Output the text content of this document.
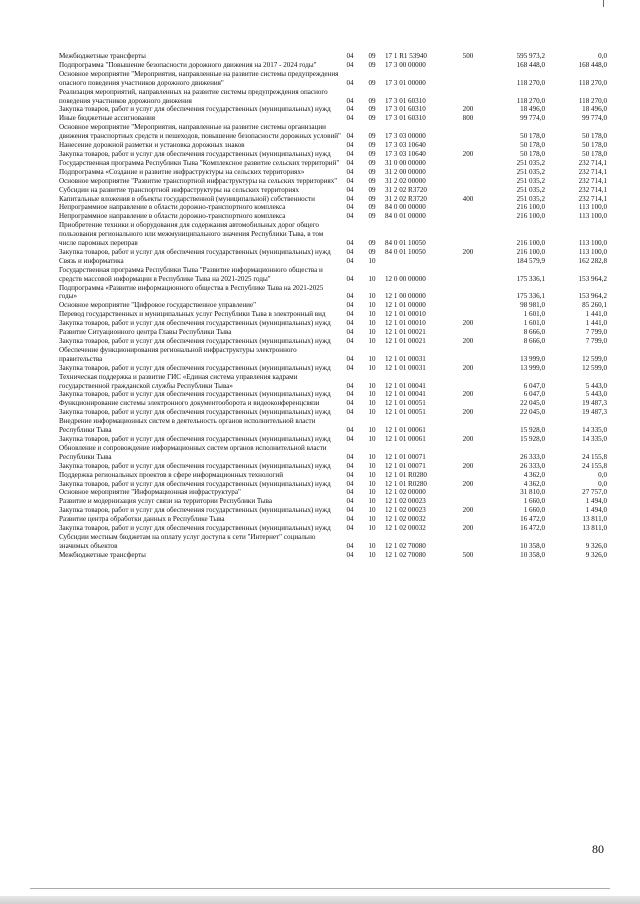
Межбюджетные трансферты	04	09	17 1 R1 53940	500	595 973,2	0,0
Подпрограмма "Повышение безопасности дорожного движения на 2017 - 2024 годы"	04	09	17 3 00 00000		168 448,0	168 448,0
Основное мероприятие "Мероприятия, направленные на развитие системы предупреждения опасного поведения участников дорожного движения"	04	09	17 3 01 00000		118 270,0	118 270,0
Реализация мероприятий, направленных на развитие системы предупреждения опасного поведения участников дорожного движения	04	09	17 3 01 60310		118 270,0	118 270,0
Закупка товаров, работ и услуг для обеспечения государственных (муниципальных) нужд	04	09	17 3 01 60310	200	18 496,0	18 496,0
Иные бюджетные ассигнования	04	09	17 3 01 60310	800	99 774,0	99 774,0
Основное мероприятие "Мероприятия, направленные на развитие системы организации движения транспортных средств и пешеходов, повышение безопасности дорожных условий"	04	09	17 3 03 00000		50 178,0	50 178,0
Нанесение дорожной разметки и установка дорожных знаков	04	09	17 3 03 10640		50 178,0	50 178,0
Закупка товаров, работ и услуг для обеспечения государственных (муниципальных) нужд	04	09	17 3 03 10640	200	50 178,0	50 178,0
Государственная программа Республики Тыва "Комплексное развитие сельских территорий"	04	09	31 0 00 00000		251 035,2	232 714,1
Подпрограмма «Создание и развитие инфраструктуры на сельских территориях»	04	09	31 2 00 00000		251 035,2	232 714,1
Основное мероприятие "Развитие транспортной инфраструктуры на сельских территориях"	04	09	31 2 02 00000		251 035,2	232 714,1
Субсидии на развитие транспортной инфраструктуры на сельских территориях	04	09	31 2 02 R3720		251 035,2	232 714,1
Капитальные вложения в объекты государственной (муниципальной) собственности	04	09	31 2 02 R3720	400	251 035,2	232 714,1
Непрограммное направление в области дорожно-транспортного комплекса	04	09	84 0 00 00000		216 100,0	113 100,0
Непрограммное направление в области дорожно-транспортного комплекса	04	09	84 0 01 00000		216 100,0	113 100,0
Приобретение техники и оборудования для содержания автомобильных дорог общего пользования регионального или межмуниципального значения Республики Тыва, в том числе паромных переправ	04	09	84 0 01 10050		216 100,0	113 100,0
Закупка товаров, работ и услуг для обеспечения государственных (муниципальных) нужд	04	09	84 0 01 10050	200	216 100,0	113 100,0
Связь и информатика	04	10			184 579,9	162 282,8
Государственная программа Республики Тыва "Развитие информационного общества и средств массовой информации в Республике Тыва на 2021-2025 годы"	04	10	12 0 00 00000		175 336,1	153 964,2
Подпрограмма «Развитие информационного общества в Республике Тыва на 2021-2025 годы»	04	10	12 1 00 00000		175 336,1	153 964,2
Основное мероприятие "Цифровое государственное управление"	04	10	12 1 01 00000		98 981,0	85 260,1
Перевод государственных и муниципальных услуг Республики Тыва в электронный вид	04	10	12 1 01 00010		1 601,0	1 441,0
Закупка товаров, работ и услуг для обеспечения государственных (муниципальных) нужд	04	10	12 1 01 00010	200	1 601,0	1 441,0
Развитие Ситуационного центра Главы Республики Тыва	04	10	12 1 01 00021		8 666,0	7 799,0
Закупка товаров, работ и услуг для обеспечения государственных (муниципальных) нужд	04	10	12 1 01 00021	200	8 666,0	7 799,0
Обеспечение функционирования региональной инфраструктуры электронного правительства	04	10	12 1 01 00031		13 999,0	12 599,0
Закупка товаров, работ и услуг для обеспечения государственных (муниципальных) нужд	04	10	12 1 01 00031	200	13 999,0	12 599,0
Техническая поддержка и развитие ГИС «Единая система управления кадрами государственной гражданской службы Республики Тыва»	04	10	12 1 01 00041		6 047,0	5 443,0
Закупка товаров, работ и услуг для обеспечения государственных (муниципальных) нужд	04	10	12 1 01 00041	200	6 047,0	5 443,0
Функционирование системы электронного документооборота и видеоконференцсвязи	04	10	12 1 01 00051		22 045,0	19 487,3
Закупка товаров, работ и услуг для обеспечения государственных (муниципальных) нужд	04	10	12 1 01 00051	200	22 045,0	19 487,3
Внедрение информационных систем в деятельность органов исполнительной власти Республики Тыва	04	10	12 1 01 00061		15 928,0	14 335,0
Закупка товаров, работ и услуг для обеспечения государственных (муниципальных) нужд	04	10	12 1 01 00061	200	15 928,0	14 335,0
Обновление и сопровождение информационных систем органов исполнительной власти Республики Тыва	04	10	12 1 01 00071		26 333,0	24 155,8
Закупка товаров, работ и услуг для обеспечения государственных (муниципальных) нужд	04	10	12 1 01 00071	200	26 333,0	24 155,8
Поддержка региональных проектов в сфере информационных технологий	04	10	12 1 01 R0280		4 362,0	0,0
Закупка товаров, работ и услуг для обеспечения государственных (муниципальных) нужд	04	10	12 1 01 R0280	200	4 362,0	0,0
Основное мероприятие "Информационная инфраструктура"	04	10	12 1 02 00000		31 810,0	27 757,0
Развитие и модернизация услуг связи на территории Республики Тыва	04	10	12 1 02 00023		1 660,0	1 494,0
Закупка товаров, работ и услуг для обеспечения государственных (муниципальных) нужд	04	10	12 1 02 00023	200	1 660,0	1 494,0
Развитие центра обработки данных в Республике Тыва	04	10	12 1 02 00032		16 472,0	13 811,0
Закупка товаров, работ и услуг для обеспечения государственных (муниципальных) нужд	04	10	12 1 02 00032	200	16 472,0	13 811,0
Субсидии местным бюджетам на оплату услуг доступа к сети "Интернет" социально значимых объектов	04	10	12 1 02 70080		10 358,0	9 326,0
Межбюджетные трансферты	04	10	12 1 02 70080	500	10 358,0	9 326,0
80
